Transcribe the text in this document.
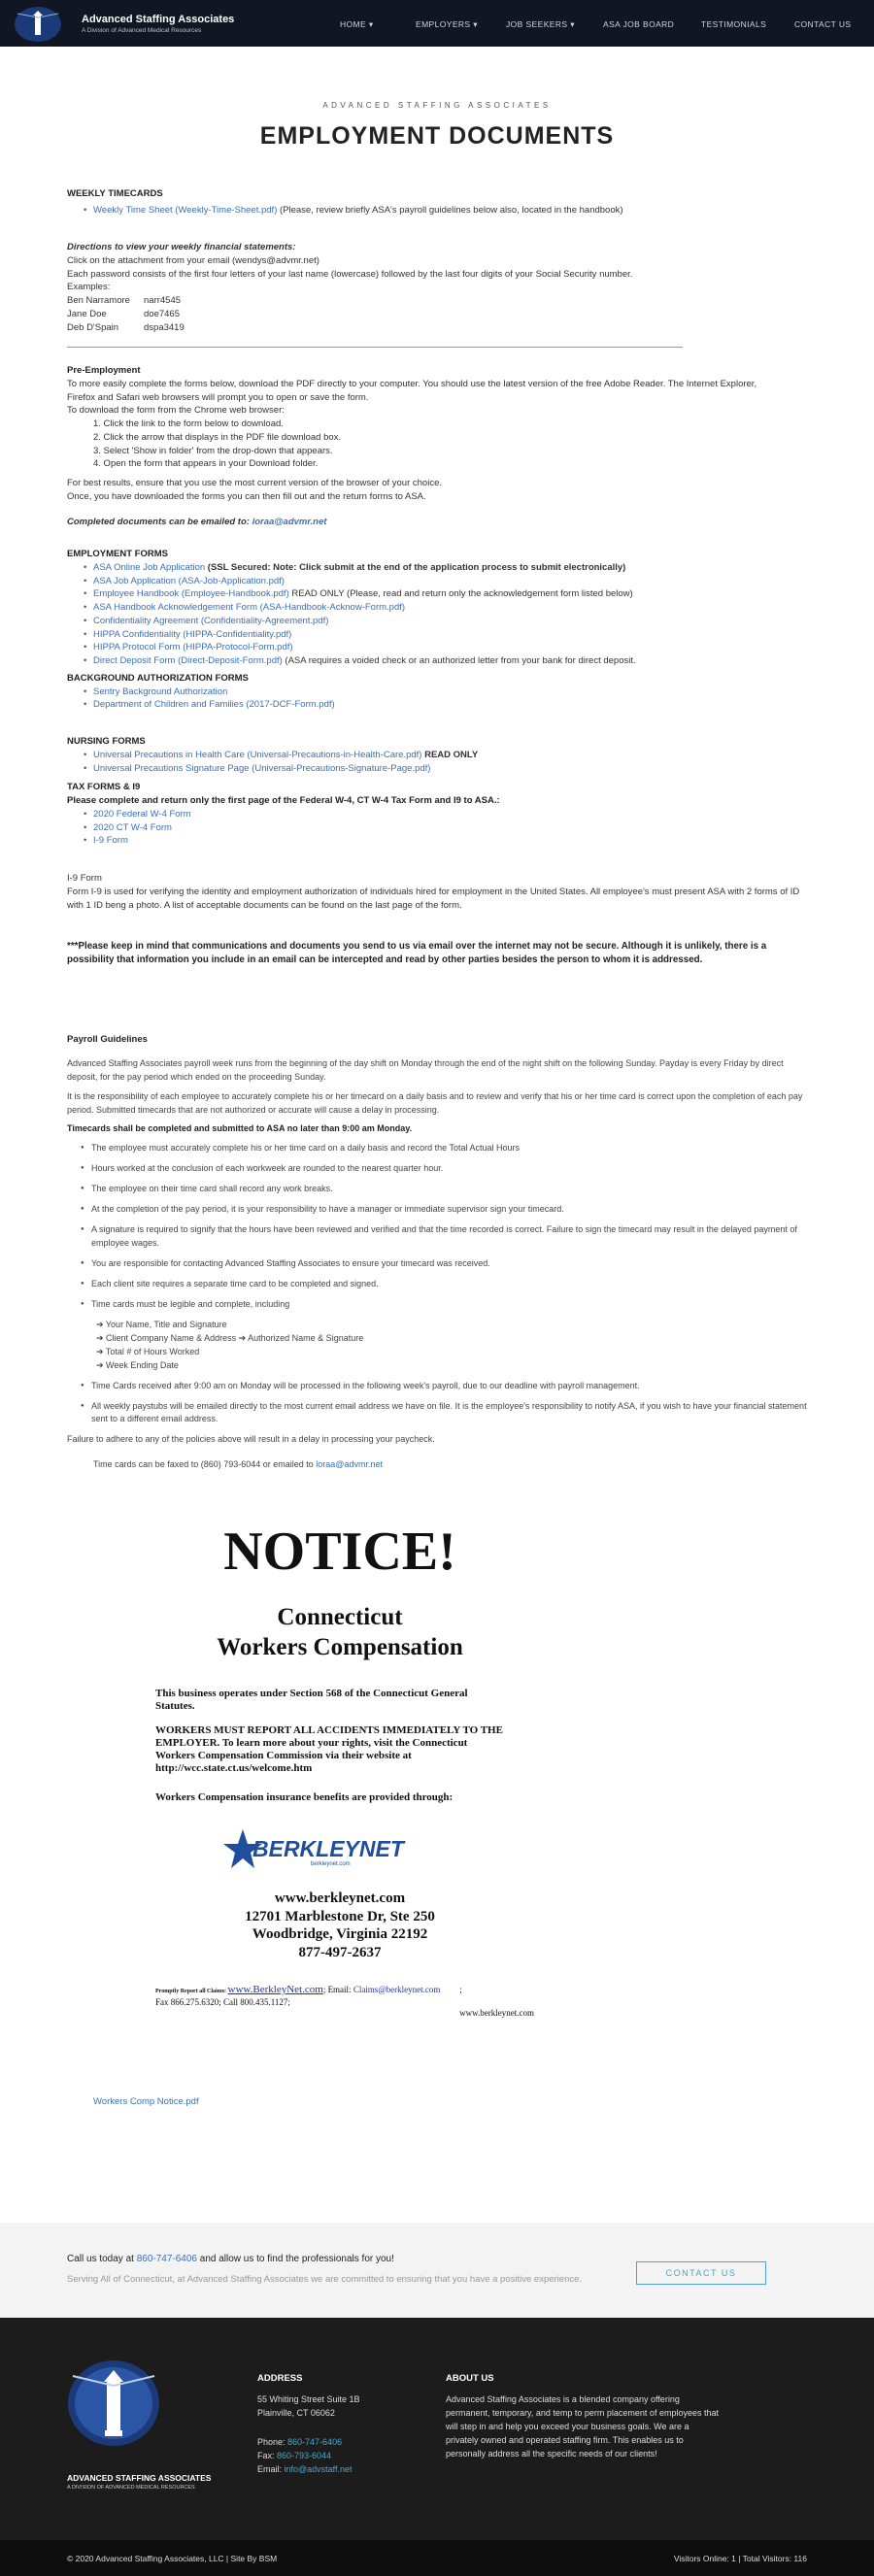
Advanced Staffing Associates
A Division of Advanced Medical Resources
HOME ▾	EMPLOYERS ▾	JOB SEEKERS ▾	ASA JOB BOARD	TESTIMONIALS	CONTACT US
ADVANCED STAFFING ASSOCIATES
EMPLOYMENT DOCUMENTS
WEEKLY TIMECARDS
• Weekly Time Sheet (Weekly-Time-Sheet.pdf) (Please, review briefly ASA's payroll guidelines below also, located in the handbook)
Directions to view your weekly financial statements:
Click on the attachment from your email (wendys@advmr.net)
Each password consists of the first four letters of your last name (lowercase) followed by the last four digits of your Social Security number.
Examples:
Ben Narramore	narr4545
Jane Doe	doe7465
Deb D'Spain	dspa3419
Pre-Employment
To more easily complete the forms below, download the PDF directly to your computer. You should use the latest version of the free Adobe Reader. The Internet Explorer,
Firefox and Safari web browsers will prompt you to open or save the form.
To download the form from the Chrome web browser:
1. Click the link to the form below to download.
2. Click the arrow that displays in the PDF file download box.
3. Select 'Show in folder' from the drop-down that appears.
4. Open the form that appears in your Download folder.
For best results, ensure that you use the most current version of the browser of your choice.
Once, you have downloaded the forms you can then fill out and the return forms to ASA.
Completed documents can be emailed to: loraa@advmr.net
EMPLOYMENT FORMS
• ASA Online Job Application (SSL Secured: Note: Click submit at the end of the application process to submit electronically)
• ASA Job Application (ASA-Job-Application.pdf)
• Employee Handbook (Employee-Handbook.pdf) READ ONLY (Please, read and return only the acknowledgement form listed below)
• ASA Handbook Acknowledgement Form (ASA-Handbook-Acknow-Form.pdf)
• Confidentiality Agreement (Confidentiality-Agreement.pdf)
• HIPPA Confidentiality (HIPPA-Confidentiality.pdf)
• HIPPA Protocol Form (HIPPA-Protocol-Form.pdf)
• Direct Deposit Form (Direct-Deposit-Form.pdf) (ASA requires a voided check or an authorized letter from your bank for direct deposit.
BACKGROUND AUTHORIZATION FORMS
• Sentry Background Authorization
• Department of Children and Families (2017-DCF-Form.pdf)
NURSING FORMS
• Universal Precautions in Health Care (Universal-Precautions-in-Health-Care.pdf) READ ONLY
• Universal Precautions Signature Page (Universal-Precautions-Signature-Page.pdf)
TAX FORMS & I9
Please complete and return only the first page of the Federal W-4, CT W-4 Tax Form and I9 to ASA.:
• 2020 Federal W-4 Form
• 2020 CT W-4 Form
• I-9 Form
I-9 Form
Form I-9 is used for verifying the identity and employment authorization of individuals hired for employment in the United States. All employee's must present ASA with 2 forms of ID with 1 ID beng a photo. A list of acceptable documents can be found on the last page of the form.
***Please keep in mind that communications and documents you send to us via email over the internet may not be secure. Although it is unlikely, there is a possibility that information you include in an email can be intercepted and read by other parties besides the person to whom it is addressed.
Payroll Guidelines

Advanced Staffing Associates payroll week runs from the beginning of the day shift on Monday through the end of the night shift on the following Sunday. Payday is every Friday by direct deposit, for the pay period which ended on the proceeding Sunday.

It is the responsibility of each employee to accurately complete his or her timecard on a daily basis and to review and verify that his or her time card is correct upon the completion of each pay period. Submitted timecards that are not authorized or accurate will cause a delay in processing.

Timecards shall be completed and submitted to ASA no later than 9:00 am Monday.

● The employee must accurately complete his or her time card on a daily basis and record the Total Actual Hours
● Hours worked at the conclusion of each workweek are rounded to the nearest quarter hour.
● The employee on their time card shall record any work breaks.
● At the completion of the pay period, it is your responsibility to have a manager or immediate supervisor sign your timecard.
● A signature is required to signify that the hours have been reviewed and verified and that the time recorded is correct. Failure to sign the timecard may result in the delayed payment of employee wages.
● You are responsible for contacting Advanced Staffing Associates to ensure your timecard was received.
● Each client site requires a separate time card to be completed and signed.
● Time cards must be legible and complete, including
➔ Your Name, Title and Signature
➔ Client Company Name & Address ➔ Authorized Name & Signature
➔ Total # of Hours Worked
➔ Week Ending Date
● Time Cards received after 9:00 am on Monday will be processed in the following week's payroll, due to our deadline with payroll management.
● All weekly paystubs will be emailed directly to the most current email address we have on file. It is the employee's responsibility to notify ASA, if you wish to have your financial statement sent to a different email address.

Failure to adhere to any of the policies above will result in a delay in processing your paycheck.

Time cards can be faxed to (860) 793-6044 or emailed to loraa@advmr.net

NOTICE!
Connecticut
Workers Compensation
This business operates under Section 568 of the Connecticut General Statutes.
WORKERS MUST REPORT ALL ACCIDENTS IMMEDIATELY TO THE EMPLOYER. To learn more about your rights, visit the Connecticut Workers Compensation Commission via their website at http://wcc.state.ct.us/welcome.htm
Workers Compensation insurance benefits are provided through:
BERKLEYNET
berkleynet.com
www.berkleynet.com
12701 Marblestone Dr, Ste 250
Woodbridge, Virginia 22192
877-497-2637
Promptly Report all Claims: www.BerkleyNet.com; Email: Claims@berkleynet.com ;
Fax 866.275.6320; Call 800.435.1127;
www.berkleynet.com
Workers Comp Notice.pdf
Call us today at 860-747-6406 and allow us to find the professionals for you!
Serving All of Connecticut, at Advanced Staffing Associates we are committed to ensuring that you have a positive experience.
CONTACT US
ADVANCED STAFFING ASSOCIATES
A DIVISION OF ADVANCED MEDICAL RESOURCES
ADDRESS
55 Whiting Street Suite 1B
Plainville, CT 06062
Phone: 860-747-6406
Fax: 860-793-6044
Email: info@advstaff.net
ABOUT US
Advanced Staffing Associates is a blended company offering permanent, temporary, and temp to perm placement of employees that will step in and help you exceed your business goals. We are a privately owned and operated staffing firm. This enables us to personally address all the specific needs of our clients!
© 2020 Advanced Staffing Associates, LLC | Site By BSM	Visitors Online: 1 | Total Visitors: 116
